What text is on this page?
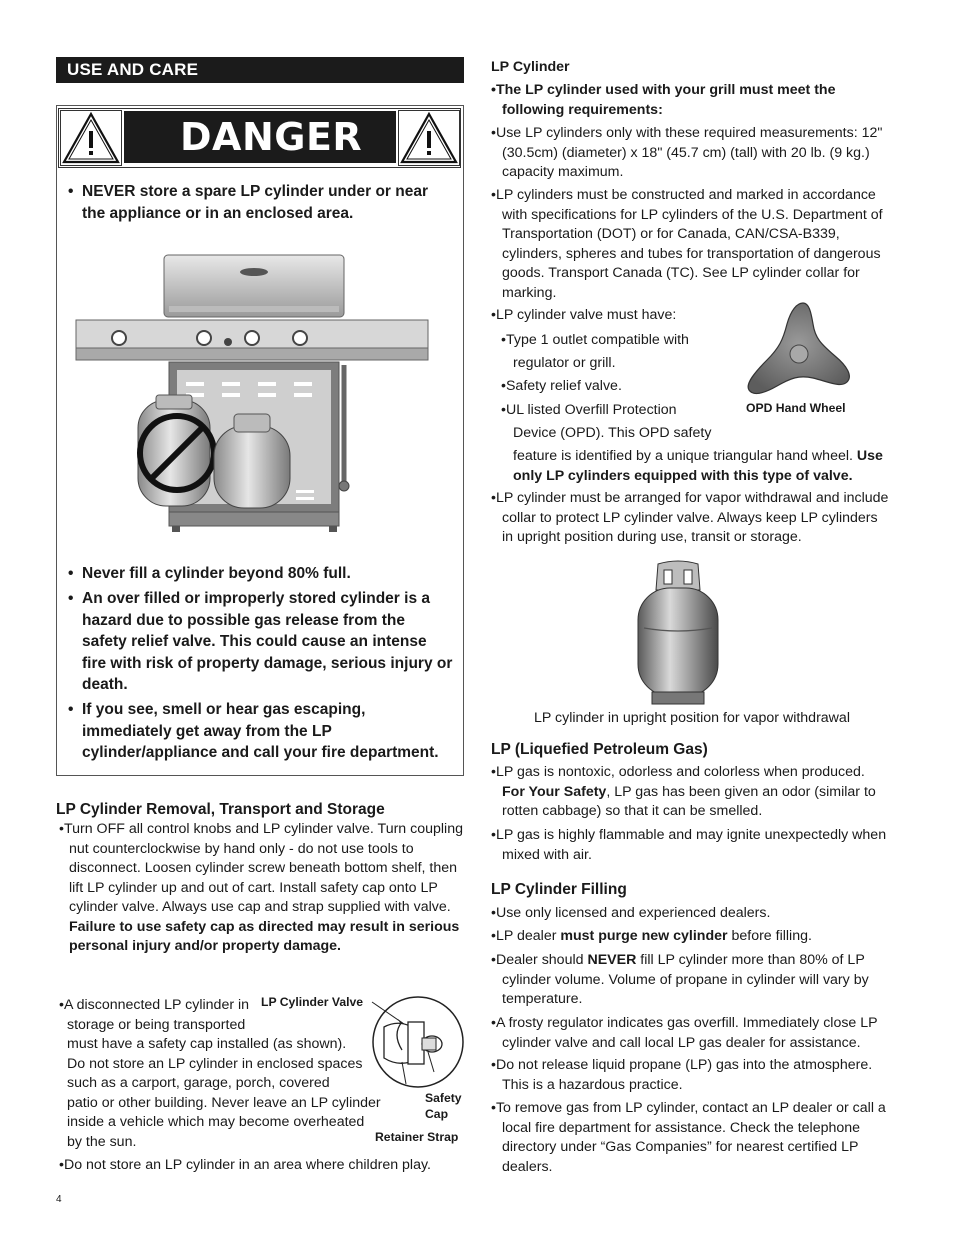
USE AND CARE
DANGER
• NEVER store a spare LP cylinder under or near the appliance or in an enclosed area.
• Never fill a cylinder beyond 80% full.
• An over filled or improperly stored cylinder is a hazard due to possible gas release from the safety relief valve. This could cause an intense fire with risk of property damage, serious injury or death.
• If you see, smell or hear gas escaping, immediately get away from the LP cylinder/appliance and call your fire department.
LP Cylinder Removal, Transport and Storage
•Turn OFF all control knobs and LP cylinder valve. Turn coupling nut counterclockwise by hand only - do not use tools to disconnect. Loosen cylinder screw beneath bottom shelf, then lift LP cylinder up and out of cart. Install safety cap onto LP cylinder valve. Always use cap and strap supplied with valve. Failure to use safety cap as directed may result in serious personal injury and/or property damage.
•A disconnected LP cylinder in
storage or being transported
must have a safety cap installed (as shown).
Do not store an LP cylinder in enclosed spaces
such as a carport, garage, porch, covered
patio or other building. Never leave an LP cylinder
inside a vehicle which may become overheated
by the sun.
•Do not store an LP cylinder in an area where children play.
LP Cylinder Valve
Safety
Cap
Retainer Strap
4
LP Cylinder
•The LP cylinder used with your grill must meet the
following requirements:
•Use LP cylinders only with these required measurements: 12" (30.5cm) (diameter) x 18" (45.7 cm) (tall) with 20 lb. (9 kg.) capacity maximum.
•LP cylinders must be constructed and marked in accordance with specifications for LP cylinders of the U.S. Department of Transportation (DOT) or for Canada, CAN/CSA-B339, cylinders, spheres and tubes for transportation of dangerous goods. Transport Canada (TC). See LP cylinder collar for marking.
•LP cylinder valve must have:
•Type 1 outlet compatible with
regulator or grill.
•Safety relief valve.
•UL listed Overfill Protection
Device (OPD). This OPD safety
feature is identified by a unique triangular hand wheel. Use only LP cylinders equipped with this type of valve.
OPD Hand Wheel
•LP cylinder must be arranged for vapor withdrawal and include collar to protect LP cylinder valve. Always keep LP cylinders in upright position during use, transit or storage.
LP cylinder in upright position for vapor withdrawal
LP (Liquefied Petroleum Gas)
•LP gas is nontoxic, odorless and colorless when produced. For Your Safety, LP gas has been given an odor (similar to rotten cabbage) so that it can be smelled.
•LP gas is highly flammable and may ignite unexpectedly when mixed with air.
LP Cylinder Filling
•Use only licensed and experienced dealers.
•LP dealer must purge new cylinder before filling.
•Dealer should NEVER fill LP cylinder more than 80% of LP cylinder volume. Volume of propane in cylinder will vary by temperature.
•A frosty regulator indicates gas overfill. Immediately close LP cylinder valve and call local LP gas dealer for assistance.
•Do not release liquid propane (LP) gas into the atmosphere. This is a hazardous practice.
•To remove gas from LP cylinder, contact an LP dealer or call a local fire department for assistance. Check the telephone directory under “Gas Companies” for nearest certified LP dealers.
